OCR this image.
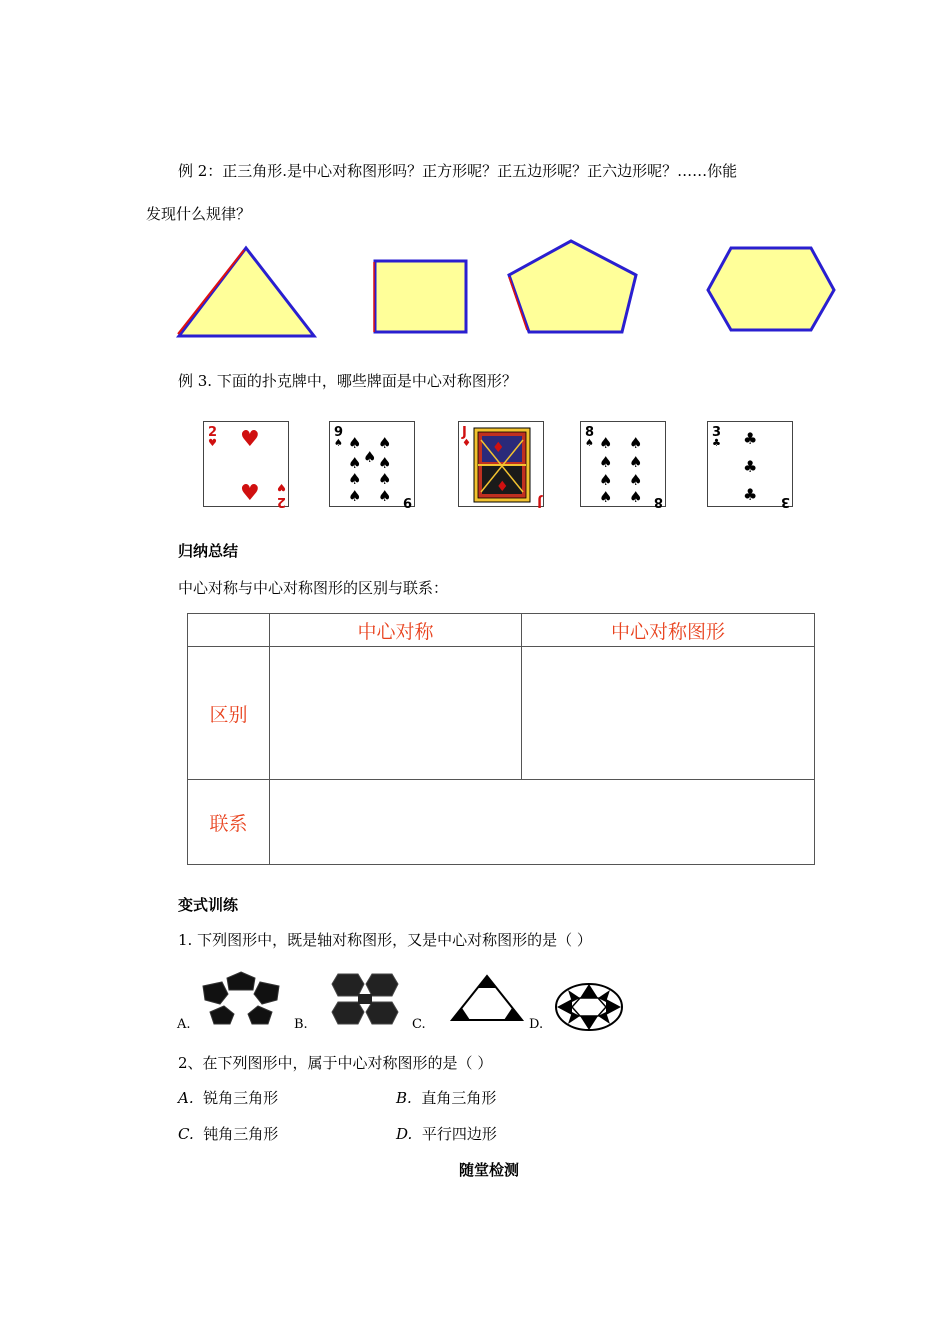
例 2：正三角形.是中心对称图形吗？正方形呢？正五边形呢？正六边形呢？……你能
发现什么规律？
例 3. 下面的扑克牌中，哪些牌面是中心对称图形？
2
♥ ♥
♥ 2
♥
9
♠ ♠ ♠
♠ ♠
♠
♠ ♠
♠ ♠ 9
J
♦ ♦
♦
J
8
♠ ♠ ♠
♠ ♠
♠ ♠
♠ ♠ 8
3
♣ ♣
♣
♣ 3
归纳总结
中心对称与中心对称图形的区别与联系：
	中心对称	中心对称图形
区别		
联系		
变式训练
1. 下列图形中，既是轴对称图形，又是中心对称图形的是（ ）
A.	B.	C.	D.
2、在下列图形中，属于中心对称图形的是（ ）
A. 锐角三角形	B. 直角三角形
C. 钝角三角形	D. 平行四边形
随堂检测
